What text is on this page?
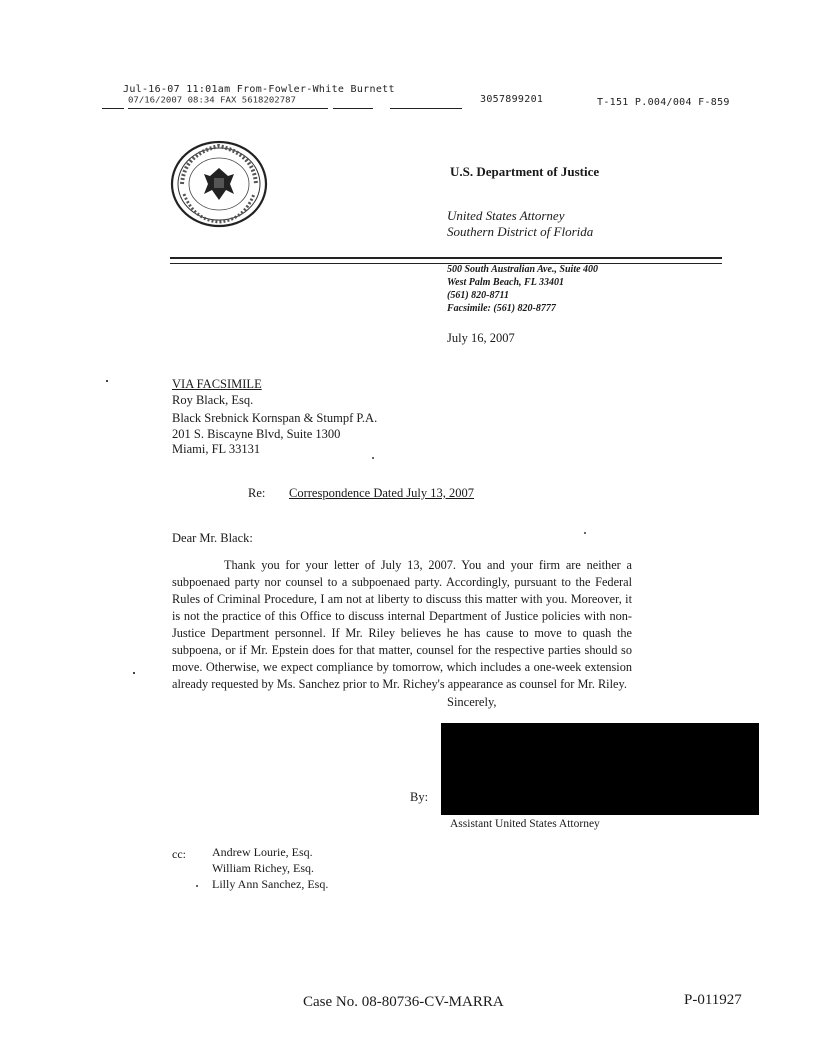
Jul-16-07 11:01am From-Fowler-White Burnett
3057899201	T-151 P.004/004 F-859
07/16/2007 08:34 FAX 5618202787
U.S. Department of Justice
United States Attorney
Southern District of Florida
500 South Australian Ave., Suite 400
West Palm Beach, FL 33401
(561) 820-8711
Facsimile: (561) 820-8777
July 16, 2007
VIA FACSIMILE
Roy Black, Esq.
Black Srebnick Kornspan & Stumpf P.A.
201 S. Biscayne Blvd, Suite 1300
Miami, FL 33131
Re: Correspondence Dated July 13, 2007
Dear Mr. Black:
Thank you for your letter of July 13, 2007. You and your firm are neither a subpoenaed party nor counsel to a subpoenaed party. Accordingly, pursuant to the Federal Rules of Criminal Procedure, I am not at liberty to discuss this matter with you. Moreover, it is not the practice of this Office to discuss internal Department of Justice policies with non-Justice Department personnel. If Mr. Riley believes he has cause to move to quash the subpoena, or if Mr. Epstein does for that matter, counsel for the respective parties should so move. Otherwise, we expect compliance by tomorrow, which includes a one-week extension already requested by Ms. Sanchez prior to Mr. Richey's appearance as counsel for Mr. Riley.
Sincerely,
By:
Assistant United States Attorney
cc: Andrew Lourie, Esq.
William Richey, Esq.
Lilly Ann Sanchez, Esq.
Case No. 08-80736-CV-MARRA	P-011927
